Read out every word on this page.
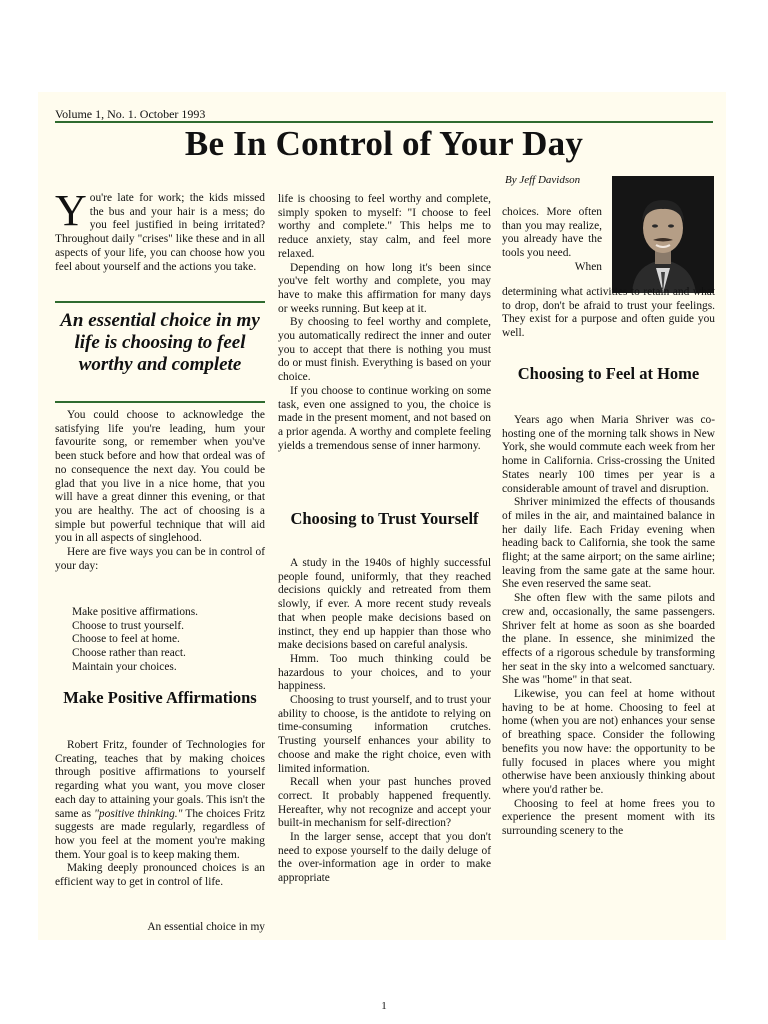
Volume 1, No. 1. October 1993
Be In Control of Your Day
By Jeff Davidson
You're late for work; the kids missed the bus and your hair is a mess; do you feel justified in being irritated? Throughout daily "crises" like these and in all aspects of your life, you can choose how you feel about yourself and the actions you take.
An essential choice in my life is choosing to feel worthy and complete

You could choose to acknowledge the satisfying life you're leading, hum your favourite song, or remember when you've been stuck before and how that ordeal was of no consequence the next day. You could be glad that you live in a nice home, that you will have a great dinner this evening, or that you are healthy. The act of choosing is a simple but powerful technique that will aid you in all aspects of singlehood.

Here are five ways you can be in control of your day:

Make positive affirmations.
Choose to trust yourself.
Choose to feel at home.
Choose rather than react.
Maintain your choices.
Make Positive Affirmations

Robert Fritz, founder of Technologies for Creating, teaches that by making choices through positive affirmations to yourself regarding what you want, you move closer each day to attaining your goals. This isn't the same as "positive thinking." The choices Fritz suggests are made regularly, regardless of how you feel at the moment you're making them. Your goal is to keep making them.

Making deeply pronounced choices is an efficient way to get in control of life.

An essential choice in my

life is choosing to feel worthy and complete, simply spoken to myself: "I choose to feel worthy and complete." This helps me to reduce anxiety, stay calm, and feel more relaxed.

Depending on how long it's been since you've felt worthy and complete, you may have to make this affirmation for many days or weeks running. But keep at it.

By choosing to feel worthy and complete, you automatically redirect the inner and outer you to accept that there is nothing you must do or must finish. Everything is based on your choice.

If you choose to continue working on some task, even one assigned to you, the choice is made in the present moment, and not based on a prior agenda. A worthy and complete feeling yields a tremendous sense of inner harmony.

Choosing to Trust Yourself

A study in the 1940s of highly successful people found, uniformly, that they reached decisions quickly and retreated from them slowly, if ever. A more recent study reveals that when people make decisions based on instinct, they end up happier than those who make decisions based on careful analysis.

Hmm. Too much thinking could be hazardous to your choices, and to your happiness.

Choosing to trust yourself, and to trust your ability to choose, is the antidote to relying on time-consuming information crutches. Trusting yourself enhances your ability to choose and make the right choice, even with limited information.

Recall when your past hunches proved correct. It probably happened frequently. Hereafter, why not recognize and accept your built-in mechanism for self-direction?

In the larger sense, accept that you don't need to expose yourself to the daily deluge of the over-information age in order to make appropriate

choices. More often than you may realize, you already have the tools you need.

When

determining what activities to retain and what to drop, don't be afraid to trust your feelings. They exist for a purpose and often guide you well.

Choosing to Feel at Home

Years ago when Maria Shriver was co-hosting one of the morning talk shows in New York, she would commute each week from her home in California. Criss-crossing the United States nearly 100 times per year is a considerable amount of travel and disruption.

Shriver minimized the effects of thousands of miles in the air, and maintained balance in her daily life. Each Friday evening when heading back to California, she took the same flight; at the same airport; on the same airline; leaving from the same gate at the same hour. She even reserved the same seat.

She often flew with the same pilots and crew and, occasionally, the same passengers. Shriver felt at home as soon as she boarded the plane. In essence, she minimized the effects of a rigorous schedule by transforming her seat in the sky into a welcomed sanctuary. She was "home" in that seat.

Likewise, you can feel at home without having to be at home. Choosing to feel at home (when you are not) enhances your sense of breathing space. Consider the following benefits you now have: the opportunity to be fully focused in places where you might otherwise have been anxiously thinking about where you'd rather be.

Choosing to feel at home frees you to experience the present moment with its surrounding scenery to the

1
